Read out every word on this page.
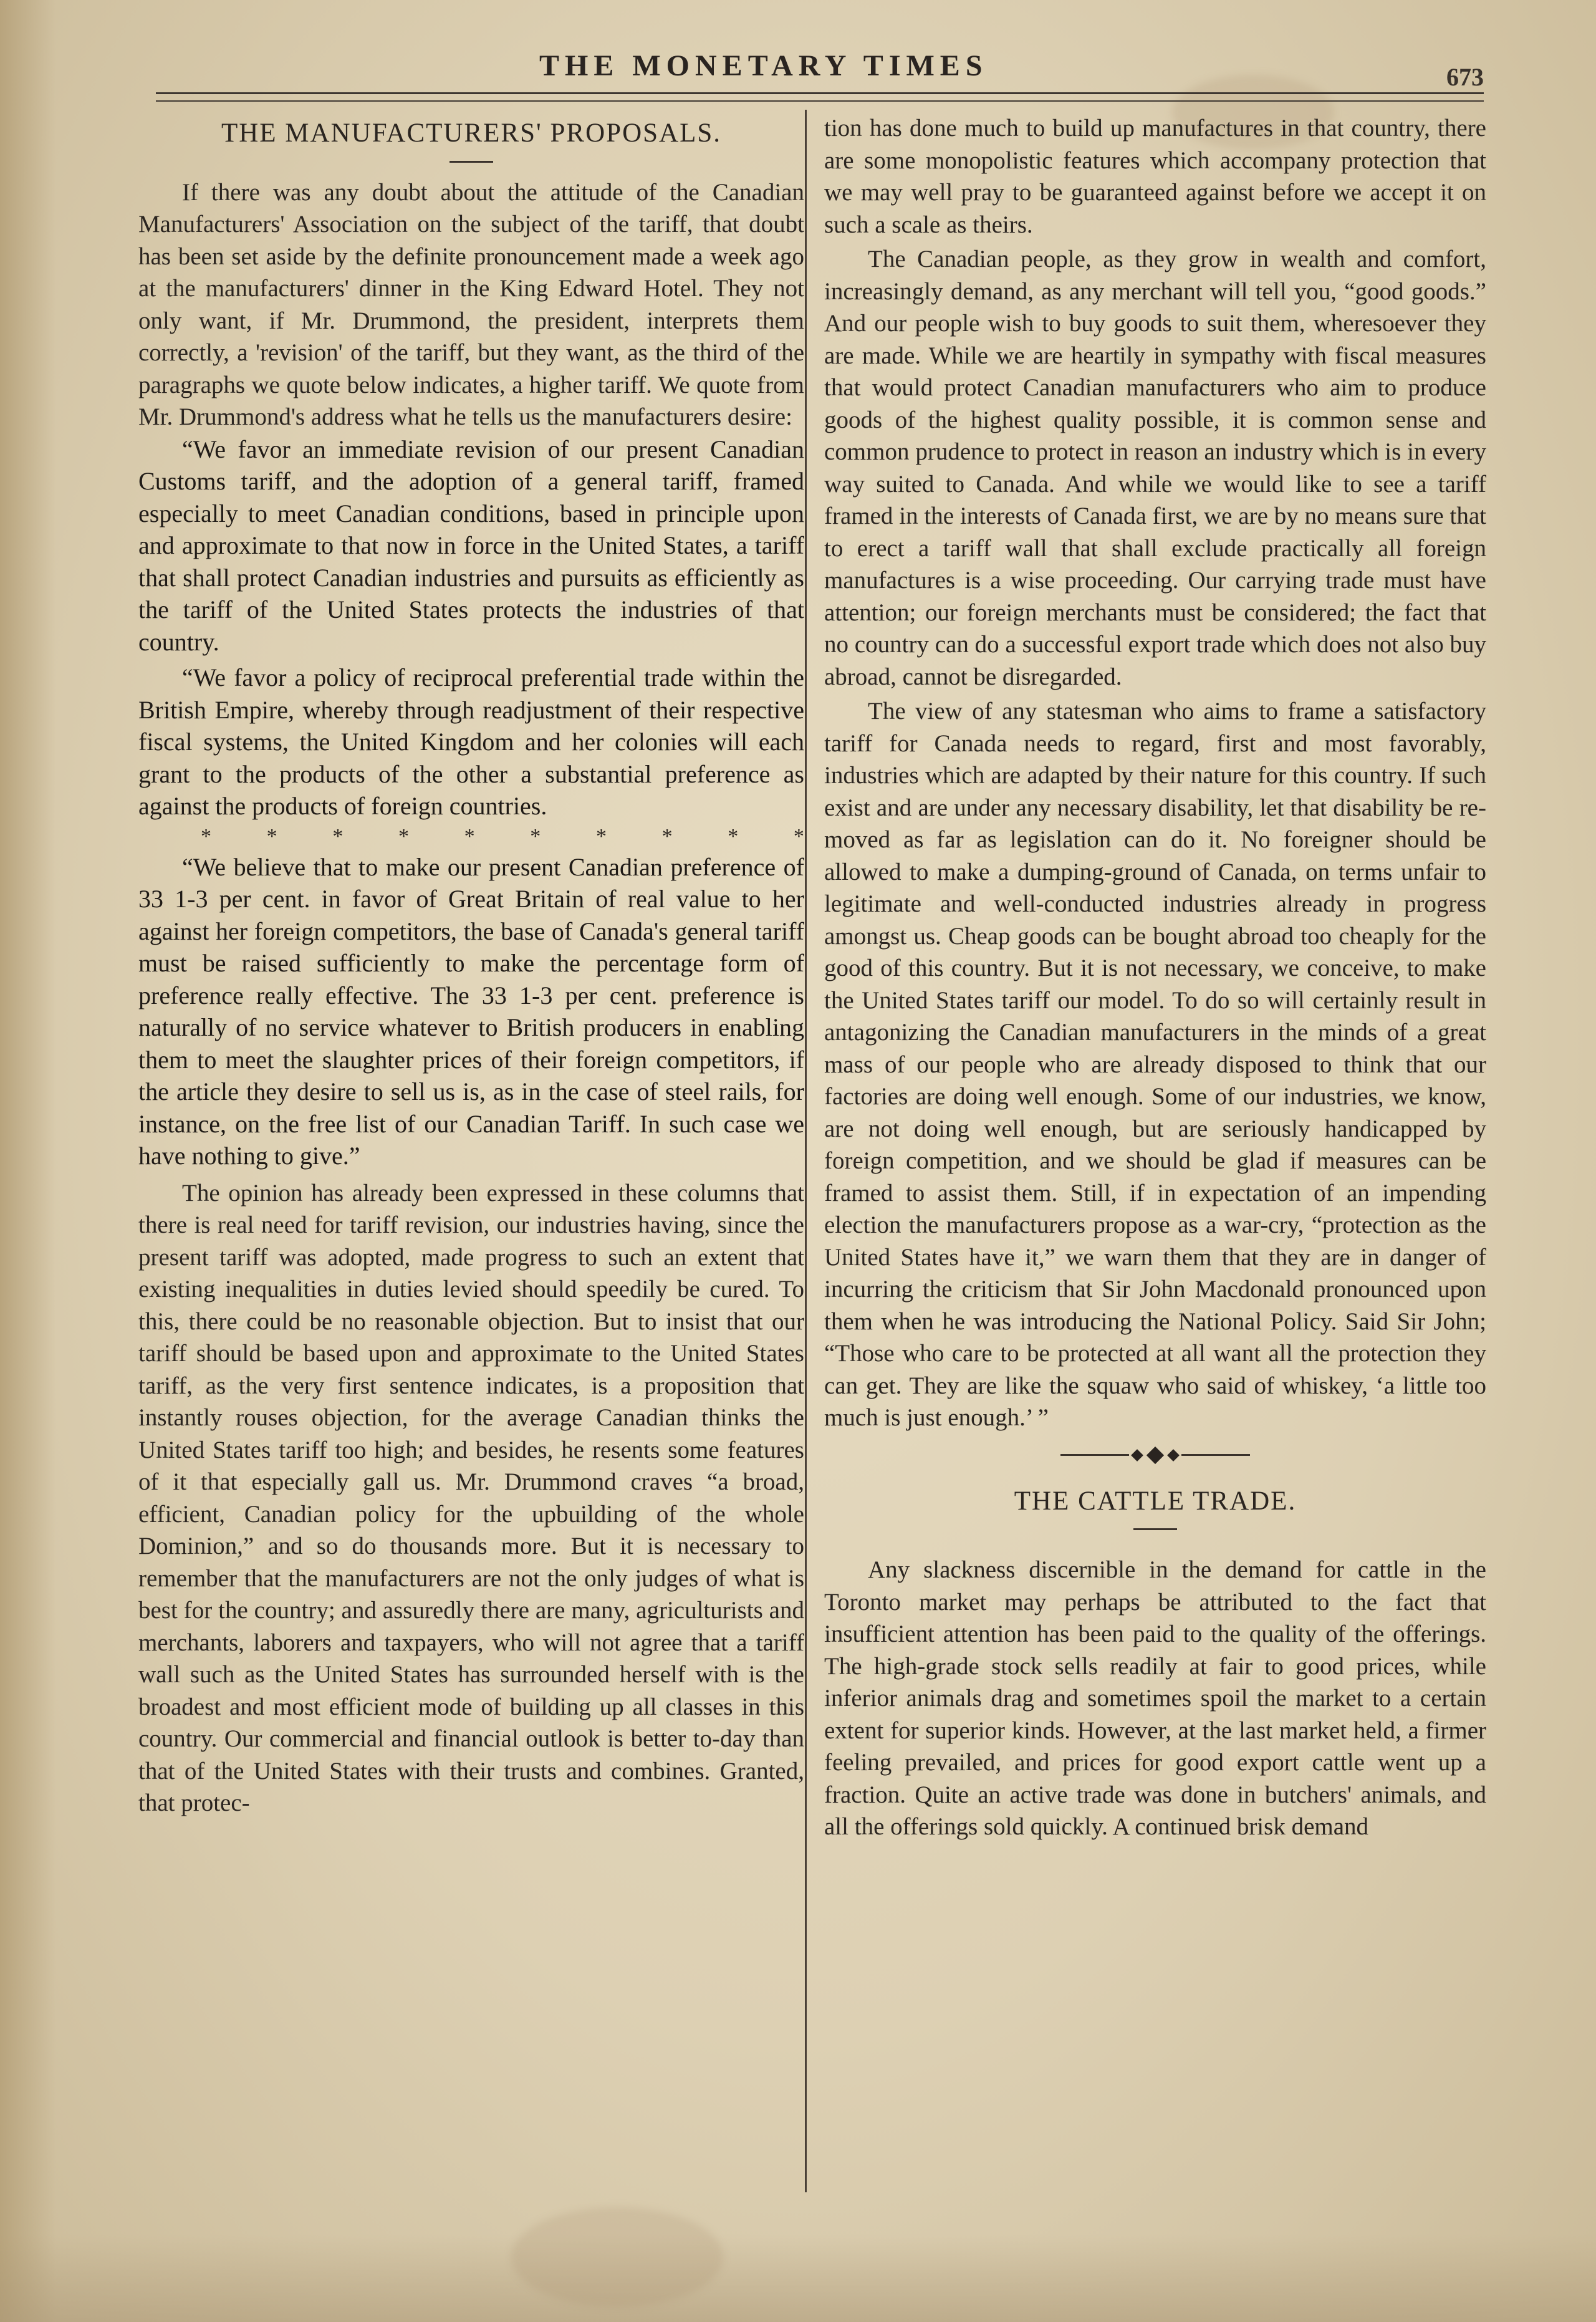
THE MONETARY TIMES	673
THE MANUFACTURERS' PROPOSALS.

If there was any doubt about the attitude of the Canadian Manufacturers' Association on the subject of the tariff, that doubt has been set aside by the definite pronouncement made a week ago at the manufacturers' dinner in the King Edward Hotel. They not only want, if Mr. Drummond, the president, interprets them correctly, a 'revision' of the tariff, but they want, as the third of the paragraphs we quote below indicates, a higher tariff. We quote from Mr. Drummond's address what he tells us the manufacturers desire:

“We favor an immediate revision of our present Canadian Customs tariff, and the adoption of a general tariff, framed especially to meet Canadian conditions, based in principle upon and approximate to that now in force in the United States, a tariff that shall protect Canadian industries and pursuits as efficiently as the tariff of the United States protects the industries of that country.

“We favor a policy of reciprocal preferential trade within the British Empire, whereby through readjustment of their respective fiscal systems, the United Kingdom and her colonies will each grant to the products of the other a substantial preference as against the products of foreign countries.

*	*	*	*	*	*	*	*	*	*

“We believe that to make our present Canadian preference of 33 1-3 per cent. in favor of Great Britain of real value to her against her foreign competitors, the base of Canada's general tariff must be raised sufficiently to make the percentage form of preference really effective. The 33 1-3 per cent. preference is naturally of no service whatever to British producers in enabling them to meet the slaughter prices of their foreign competitors, if the article they desire to sell us is, as in the case of steel rails, for instance, on the free list of our Canadian Tariff. In such case we have nothing to give.”

The opinion has already been expressed in these columns that there is real need for tariff revision, our industries having, since the present tariff was adopted, made progress to such an extent that existing inequalities in duties levied should speedily be cured. To this, there could be no reasonable objection. But to insist that our tariff should be based upon and approximate to the United States tariff, as the very first sentence indicates, is a proposition that instantly rouses objection, for the average Canadian thinks the United States tariff too high; and besides, he resents some features of it that especially gall us. Mr. Drummond craves “a broad, efficient, Canadian policy for the upbuilding of the whole Dominion,” and so do thousands more. But it is necessary to remember that the manufacturers are not the only judges of what is best for the country; and assuredly there are many, agriculturists and merchants, laborers and taxpayers, who will not agree that a tariff wall such as the United States has surrounded herself with is the broadest and most efficient mode of building up all classes in this country. Our commercial and financial outlook is better to-day than that of the United States with their trusts and combines. Granted, that protec-

tion has done much to build up manufactures in that country, there are some monopolistic features which accompany protection that we may well pray to be guaranteed against before we accept it on such a scale as theirs.

The Canadian people, as they grow in wealth and comfort, increasingly demand, as any merchant will tell you, “good goods.” And our people wish to buy goods to suit them, wheresoever they are made. While we are heartily in sympathy with fiscal measures that would protect Canadian manufacturers who aim to produce goods of the highest quality possible, it is common sense and common prudence to protect in reason an industry which is in every way suited to Canada. And while we would like to see a tariff framed in the interests of Canada first, we are by no means sure that to erect a tariff wall that shall exclude practically all foreign manufactures is a wise proceeding. Our carrying trade must have attention; our foreign merchants must be considered; the fact that no country can do a successful export trade which does not also buy abroad, cannot be disregarded.

The view of any statesman who aims to frame a satisfactory tariff for Canada needs to regard, first and most favorably, industries which are adapted by their nature for this country. If such exist and are under any necessary disability, let that disability be removed as far as legislation can do it. No foreigner should be allowed to make a dumping-ground of Canada, on terms unfair to legitimate and well-conducted industries already in progress amongst us. Cheap goods can be bought abroad too cheaply for the good of this country. But it is not necessary, we conceive, to make the United States tariff our model. To do so will certainly result in antagonizing the Canadian manufacturers in the minds of a great mass of our people who are already disposed to think that our factories are doing well enough. Some of our industries, we know, are not doing well enough, but are seriously handicapped by foreign competition, and we should be glad if measures can be framed to assist them. Still, if in expectation of an impending election the manufacturers propose as a war-cry, “protection as the United States have it,” we warn them that they are in danger of incurring the criticism that Sir John Macdonald pronounced upon them when he was introducing the National Policy. Said Sir John; “Those who care to be protected at all want all the protection they can get. They are like the squaw who said of whiskey, ‘a little too much is just enough.’ ”

THE CATTLE TRADE.

Any slackness discernible in the demand for cattle in the Toronto market may perhaps be attributed to the fact that insufficient attention has been paid to the quality of the offerings. The high-grade stock sells readily at fair to good prices, while inferior animals drag and sometimes spoil the market to a certain extent for superior kinds. However, at the last market held, a firmer feeling prevailed, and prices for good export cattle went up a fraction. Quite an active trade was done in butchers' animals, and all the offerings sold quickly. A continued brisk demand
